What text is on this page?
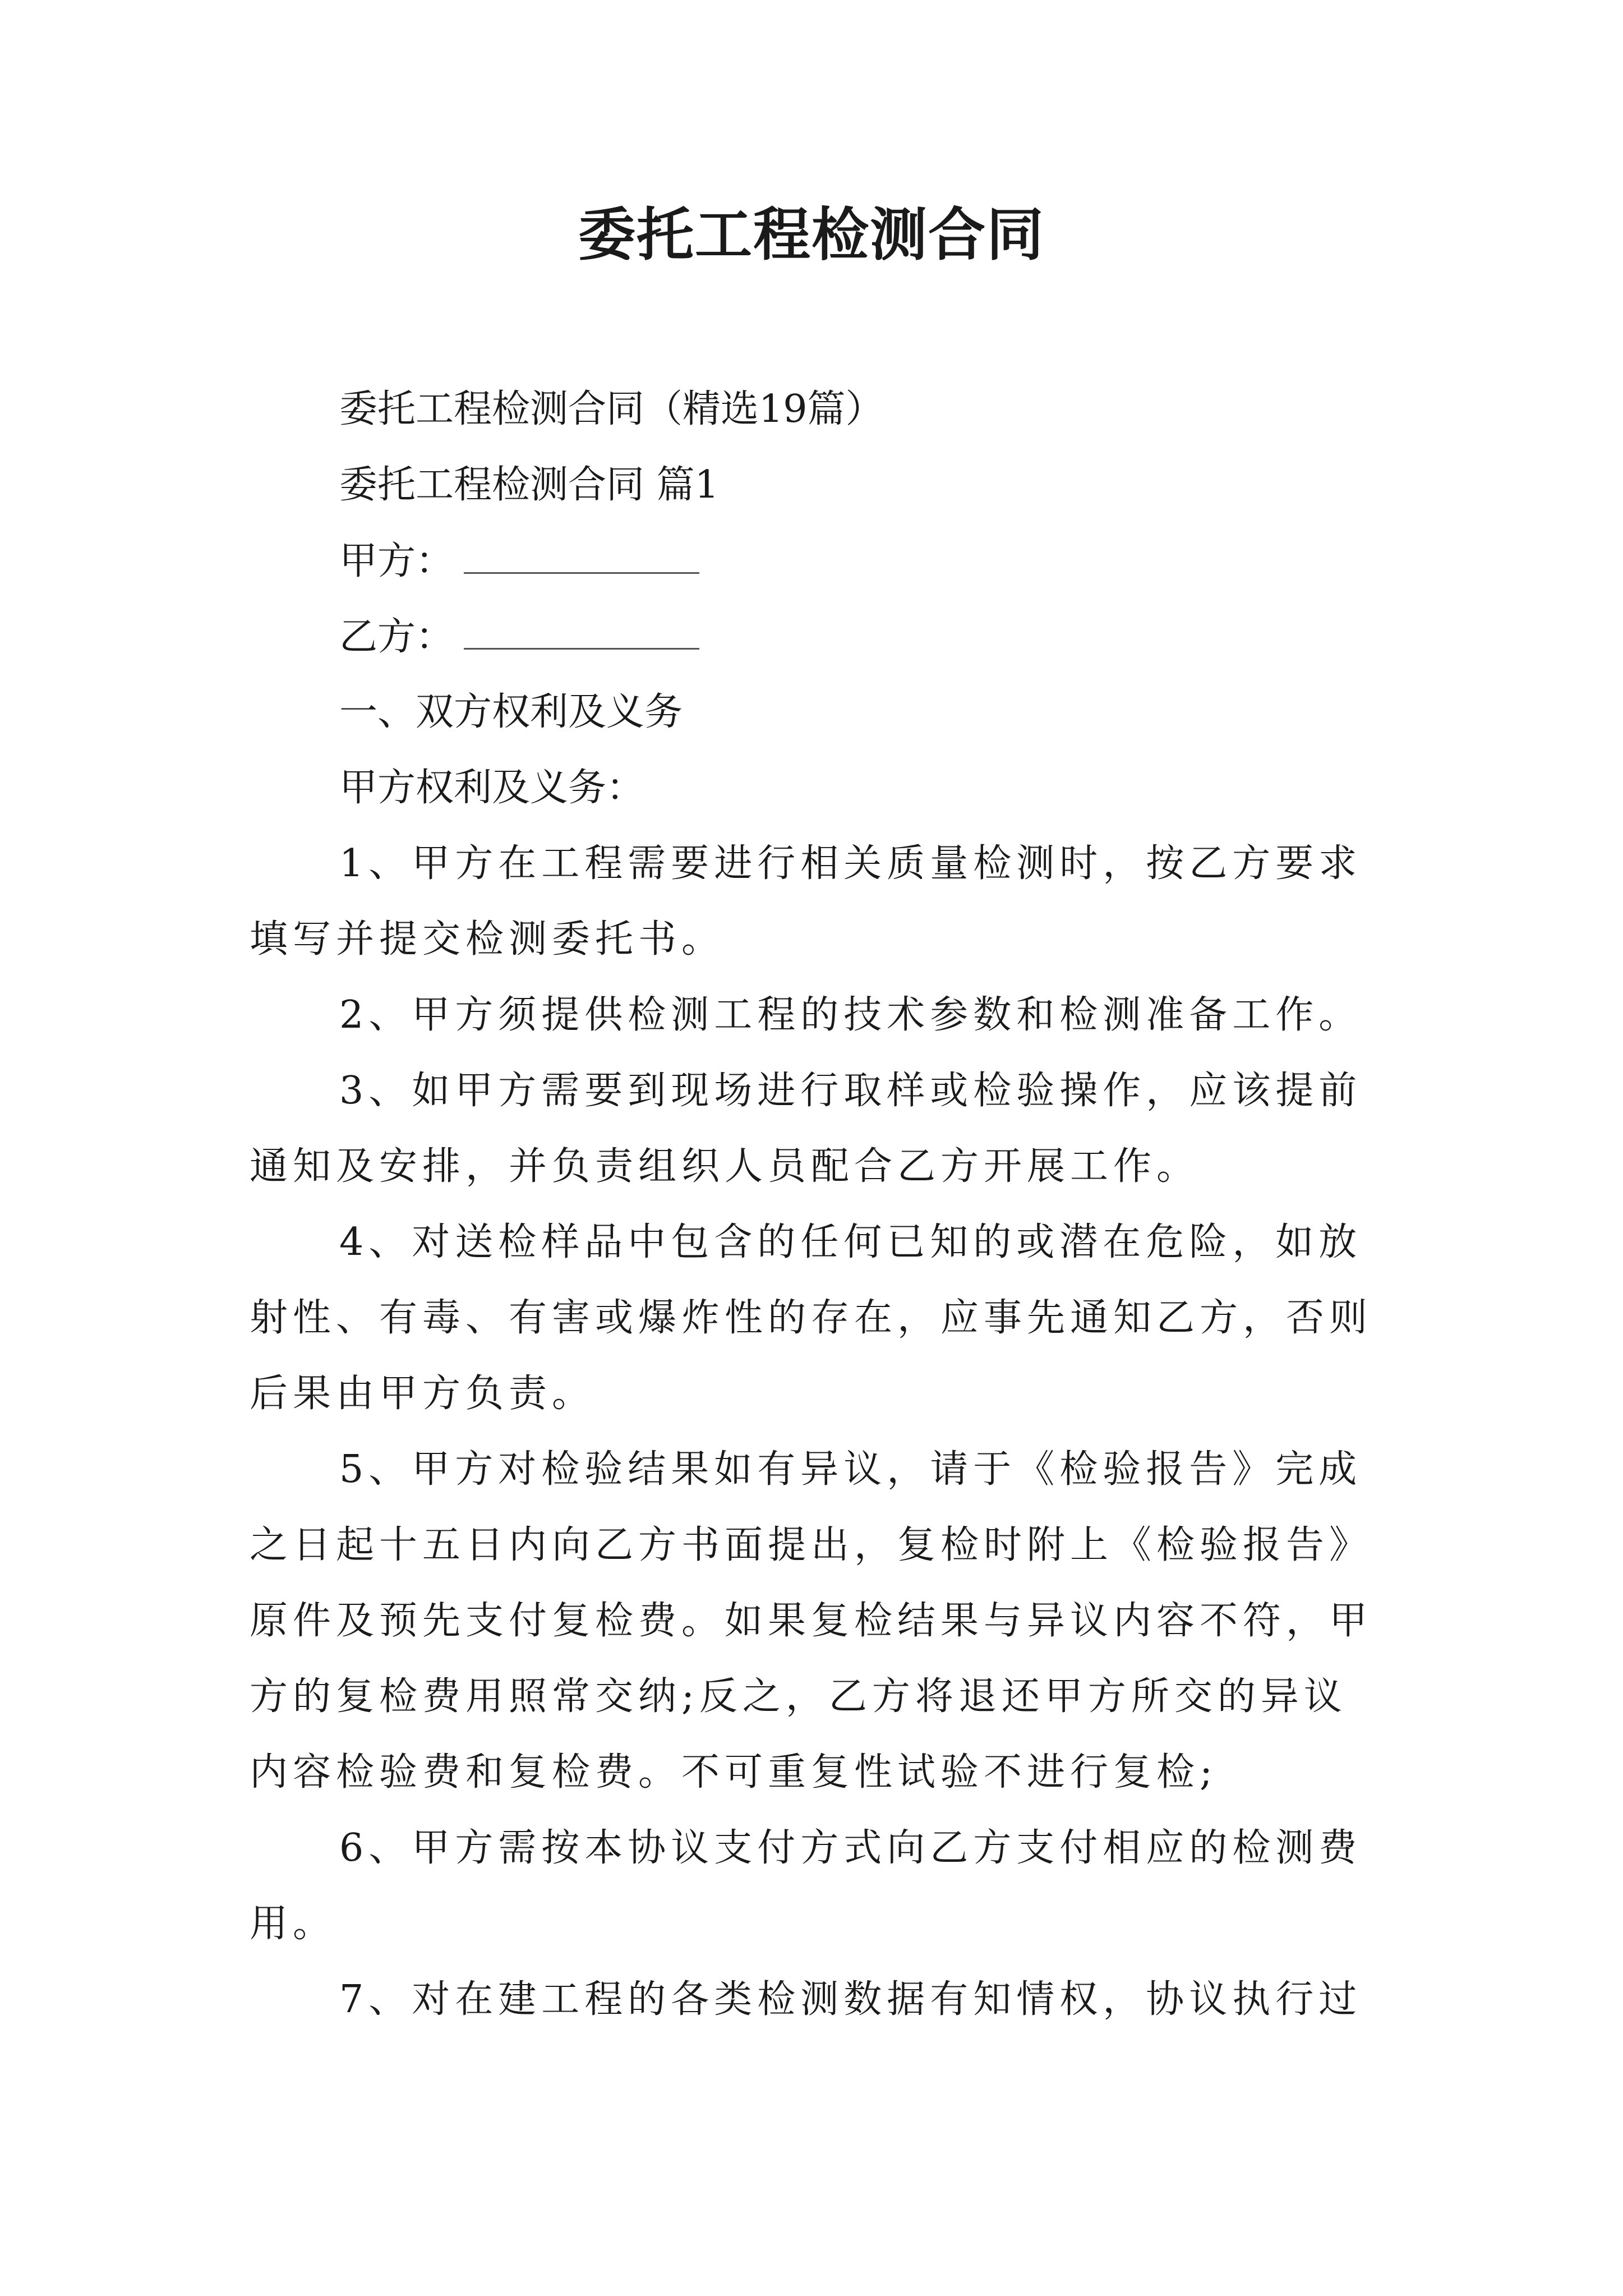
委托工程检测合同

委托工程检测合同（精选19篇）

委托工程检测合同 篇1

甲方：

乙方：

一、双方权利及义务

甲方权利及义务：

1、甲方在工程需要进行相关质量检测时，按乙方要求

填写并提交检测委托书。

2、甲方须提供检测工程的技术参数和检测准备工作。

3、如甲方需要到现场进行取样或检验操作，应该提前

通知及安排，并负责组织人员配合乙方开展工作。

4、对送检样品中包含的任何已知的或潜在危险，如放

射性、有毒、有害或爆炸性的存在，应事先通知乙方，否则

后果由甲方负责。

5、甲方对检验结果如有异议，请于《检验报告》完成

之日起十五日内向乙方书面提出，复检时附上《检验报告》

原件及预先支付复检费。如果复检结果与异议内容不符，甲

方的复检费用照常交纳;反之，乙方将退还甲方所交的异议

内容检验费和复检费。不可重复性试验不进行复检;

6、甲方需按本协议支付方式向乙方支付相应的检测费

用。

7、对在建工程的各类检测数据有知情权，协议执行过
